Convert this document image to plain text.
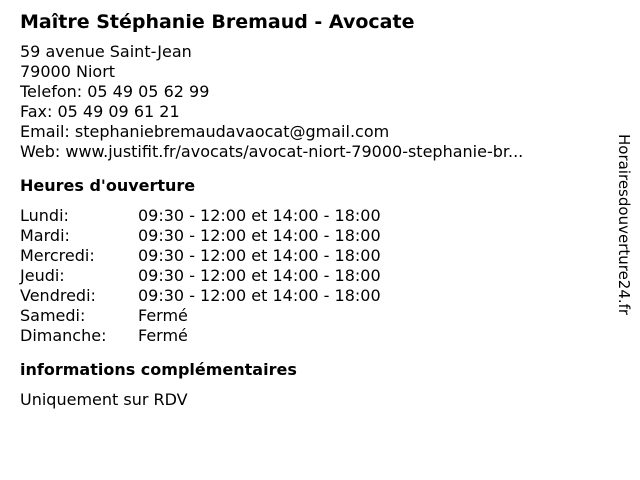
Maître Stéphanie Bremaud - Avocate
59 avenue Saint-Jean
79000 Niort
Telefon: 05 49 05 62 99
Fax: 05 49 09 61 21
Email: stephaniebremaudavaocat@gmail.com
Web: www.justifit.fr/avocats/avocat-niort-79000-stephanie-br...
Heures d'ouverture
Lundi:	09:30 - 12:00 et 14:00 - 18:00
Mardi:	09:30 - 12:00 et 14:00 - 18:00
Mercredi:	09:30 - 12:00 et 14:00 - 18:00
Jeudi:	09:30 - 12:00 et 14:00 - 18:00
Vendredi:	09:30 - 12:00 et 14:00 - 18:00
Samedi:	Fermé
Dimanche:	Fermé
informations complémentaires
Uniquement sur RDV
Horairesdouverture24.fr
